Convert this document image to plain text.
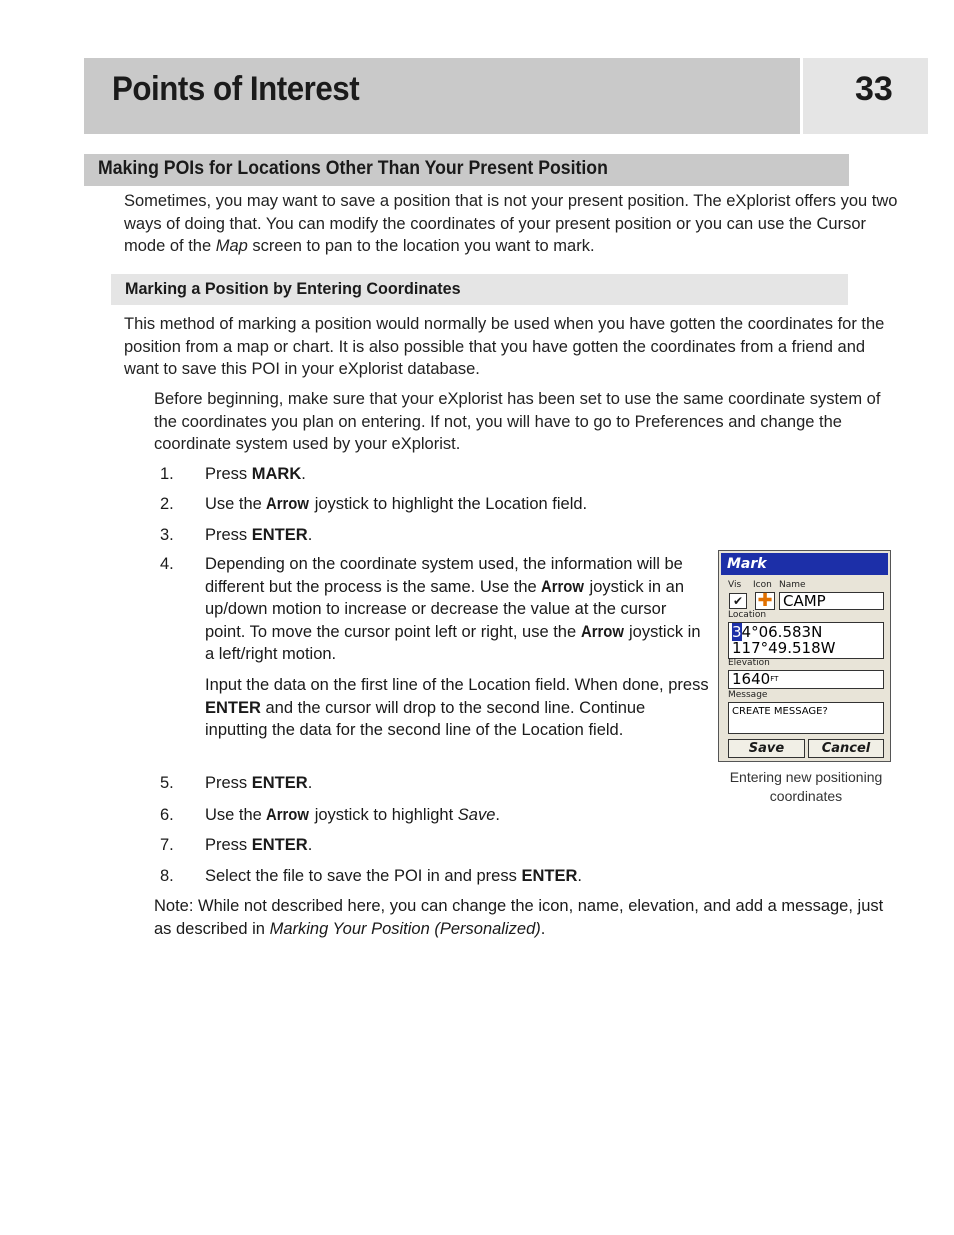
Points of Interest	33
Making POIs for Locations Other Than Your Present Position

Sometimes, you may want to save a position that is not your present position. The eXplorist offers you two ways of doing that. You can modify the coordinates of your present position or you can use the Cursor mode of the Map screen to pan to the location you want to mark.

Marking a Position by Entering Coordinates

This method of marking a position would normally be used when you have gotten the coordinates for the position from a map or chart. It is also possible that you have gotten the coordinates from a friend and want to save this POI in your eXplorist database.

Before beginning, make sure that your eXplorist has been set to use the same coordinate system of the coordinates you plan on entering. If not, you will have to go to Preferences and change the coordinate system used by your eXplorist.

1.	Press MARK.
2.	Use the Arrow joystick to highlight the Location field.
3.	Press ENTER.
4.	Depending on the coordinate system used, the information will be different but the process is the same. Use the Arrow joystick in an up/down motion to increase or decrease the value at the cursor point. To move the cursor point left or right, use the Arrow joystick in a left/right motion.
Input the data on the first line of the Location field. When done, press ENTER and the cursor will drop to the second line. Continue inputting the data for the second line of the Location field.
5.	Press ENTER.
6.	Use the Arrow joystick to highlight Save.
7.	Press ENTER.
8.	Select the file to save the POI in and press ENTER.
Note: While not described here, you can change the icon, name, elevation, and add a message, just as described in Marking Your Position (Personalized).
Mark
Vis Icon Name
✔ ✚ CAMP
Location
34°06.583N
117°49.518W
Elevation
$1640^{FT}$
Message
CREATE MESSAGE?
Save	Cancel
Entering new positioning coordinates
